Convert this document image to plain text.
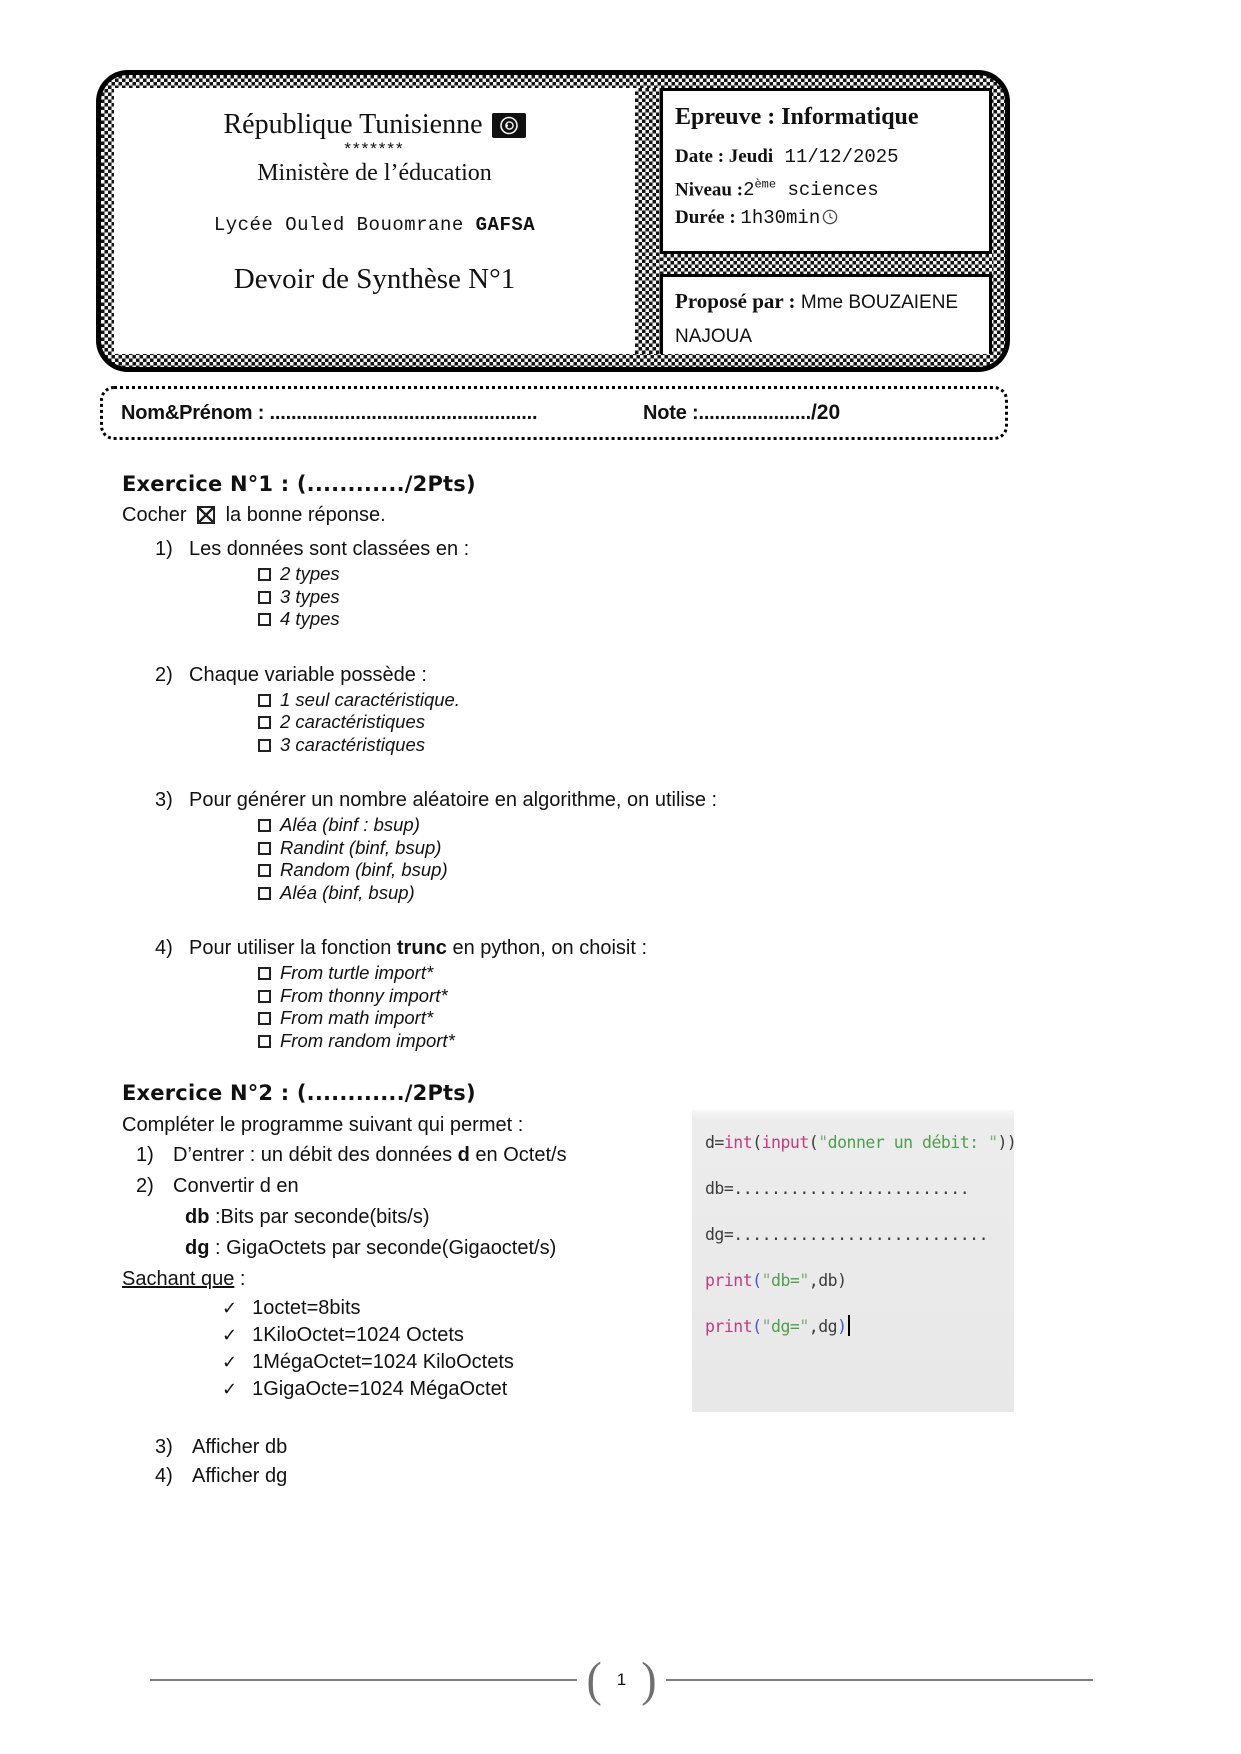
République Tunisienne
*******
Ministère de l’éducation
Lycée Ouled Bouomrane GAFSA
Devoir de Synthèse N°1
Epreuve : Informatique
Date : Jeudi 11/12/2025
Niveau :2ème sciences
Durée : 1h30min
Proposé par : Mme BOUZAIENE NAJOUA
Nom&Prénom : ..................................................	Note :...................../20
Exercice N°1 : (............/2Pts)
Cocher  la bonne réponse.
1) Les données sont classées en :
2 types
3 types
4 types
2) Chaque variable possède :
1 seul caractéristique.
2 caractéristiques
3 caractéristiques
3) Pour générer un nombre aléatoire en algorithme, on utilise :
Aléa (binf : bsup)
Randint (binf, bsup)
Random (binf, bsup)
Aléa (binf, bsup)
4) Pour utiliser la fonction trunc en python, on choisit :
From turtle import*
From thonny import*
From math import*
From random import*
Exercice N°2 : (............/2Pts)
Compléter le programme suivant qui permet :
1) D’entrer : un débit des données d en Octet/s
2) Convertir d en
db :Bits par seconde(bits/s)
dg : GigaOctets par seconde(Gigaoctet/s)
Sachant que :
✓ 1octet=8bits
✓ 1KiloOctet=1024 Octets
✓ 1MégaOctet=1024 KiloOctets
✓ 1GigaOcte=1024 MégaOctet
d=int(input("donner un débit: "))
db=.........................
dg=...........................
print("db=",db)
print("dg=",dg)
3) Afficher db
4) Afficher dg
( 1 )
